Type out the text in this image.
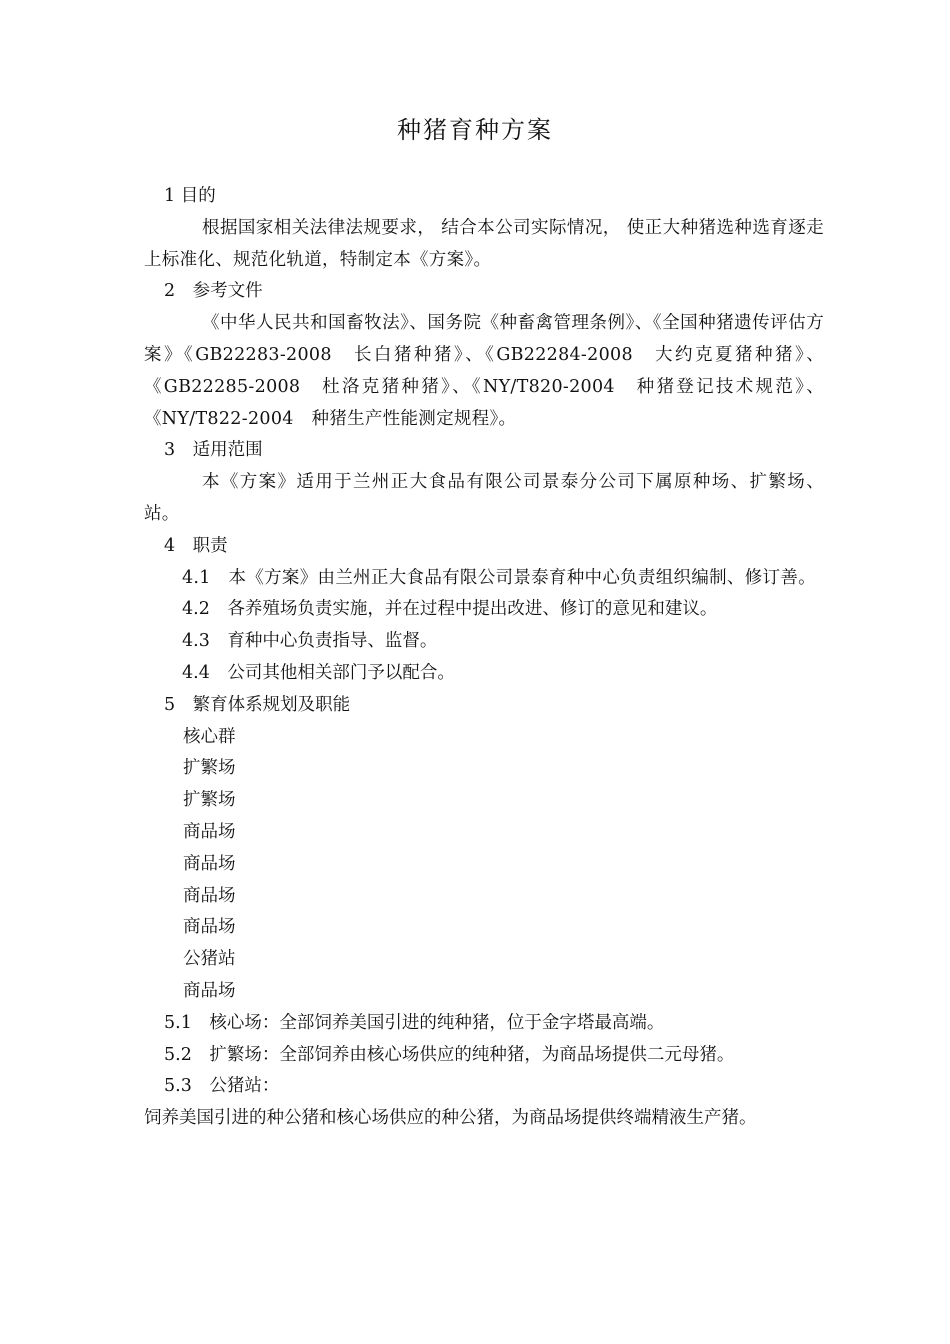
种猪育种方案

1 目的

根据国家相关法律法规要求， 结合本公司实际情况， 使正大种猪选种选育逐走上标准化、规范化轨道，特制定本《方案》。

2　参考文件

《中华人民共和国畜牧法》、国务院《种畜禽管理条例》、《全国种猪遗传评估方案》《GB22283-2008　长白猪种猪》、《GB22284-2008　大约克夏猪种猪》、《GB22285-2008　杜洛克猪种猪》、《NY/T820-2004　种猪登记技术规范》、《NY/T822-2004　种猪生产性能测定规程》。

3　适用范围

本《方案》适用于兰州正大食品有限公司景泰分公司下属原种场、扩繁场、站。

4　职责

4.1　本《方案》由兰州正大食品有限公司景泰育种中心负责组织编制、修订善。

4.2　各养殖场负责实施，并在过程中提出改进、修订的意见和建议。

4.3　育种中心负责指导、监督。

4.4　公司其他相关部门予以配合。

5　繁育体系规划及职能

核心群

扩繁场

扩繁场

商品场

商品场

商品场

商品场

公猪站

商品场

5.1　核心场：全部饲养美国引进的纯种猪，位于金字塔最高端。

5.2　扩繁场：全部饲养由核心场供应的纯种猪，为商品场提供二元母猪。

5.3　公猪站：

饲养美国引进的种公猪和核心场供应的种公猪，为商品场提供终端精液生产猪。
